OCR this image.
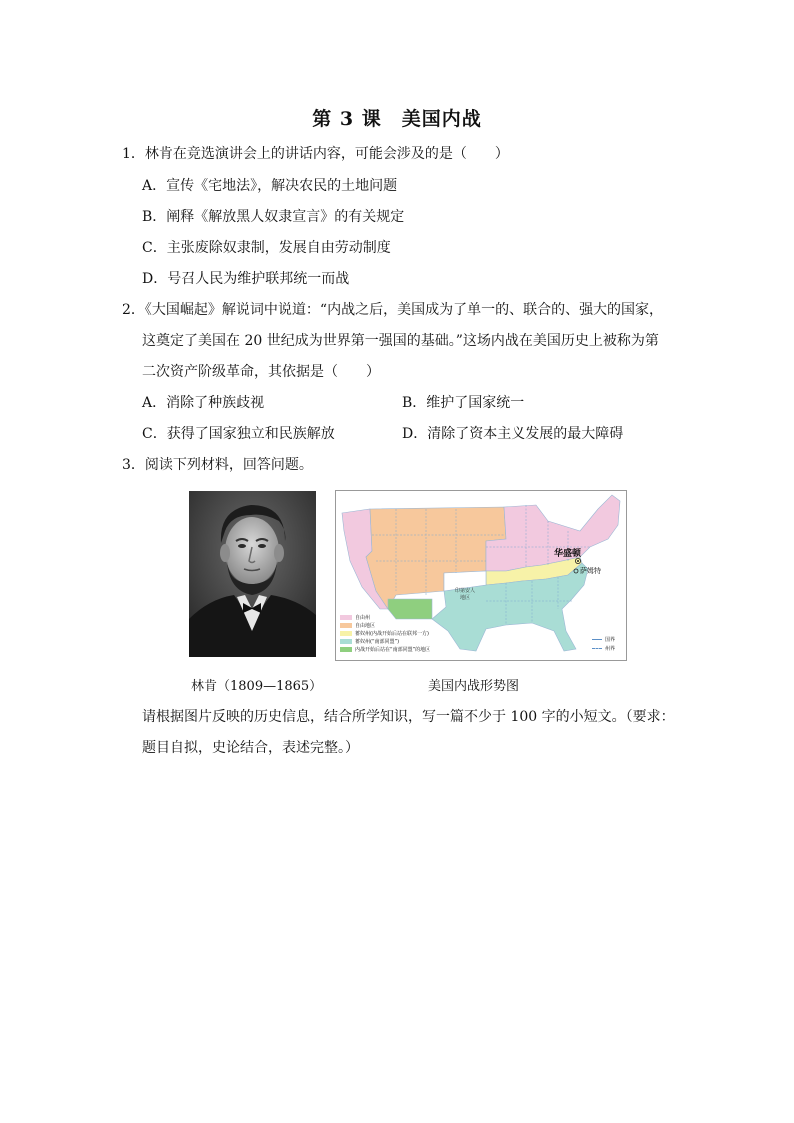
第 3 课　美国内战
1．林肯在竞选演讲会上的讲话内容，可能会涉及的是（　　）
A．宣传《宅地法》，解决农民的土地问题
B．阐释《解放黑人奴隶宣言》的有关规定
C．主张废除奴隶制，发展自由劳动制度
D．号召人民为维护联邦统一而战
2．《大国崛起》解说词中说道：“内战之后，美国成为了单一的、联合的、强大的国家，
这奠定了美国在 20 世纪成为世界第一强国的基础。”这场内战在美国历史上被称为第
二次资产阶级革命，其依据是（　　）
A．消除了种族歧视	B．维护了国家统一
C．获得了国家独立和民族解放	D．清除了资本主义发展的最大障碍
3．阅读下列材料，回答问题。
华盛顿
萨姆特
印第安人
地区
自由州
自由地区
蓄奴州(内战开始后站在联邦一方)
蓄奴州(“南部同盟”)
内战开始后站在“南部同盟”的地区
国界
州界
林肯（1809—1865）	美国内战形势图
请根据图片反映的历史信息，结合所学知识，写一篇不少于 100 字的小短文。（要求：
题目自拟，史论结合，表述完整。）
